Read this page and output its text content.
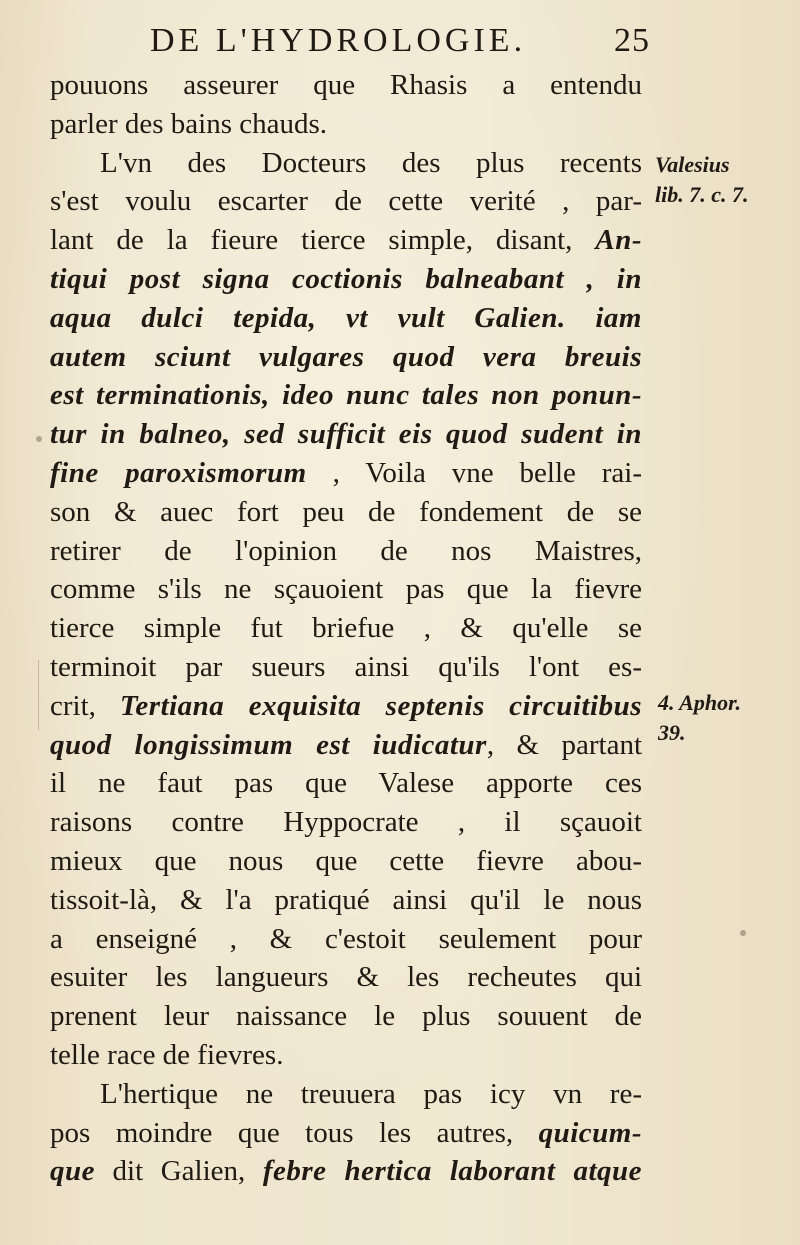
DE L'HYDROLOGIE.	25
pouuons asseurer que Rhasis a entendu
parler des bains chauds.
L'vn des Docteurs des plus recents
s'est voulu escarter de cette verité , par-
lant de la fieure tierce simple, disant, An-
tiqui post signa coctionis balneabant , in
aqua dulci tepida, vt vult Galien. iam
autem sciunt vulgares quod vera breuis
est terminationis, ideo nunc tales non ponun-
tur in balneo, sed sufficit eis quod sudent in
fine paroxismorum , Voila vne belle rai-
son & auec fort peu de fondement de se
retirer de l'opinion de nos Maistres,
comme s'ils ne sçauoient pas que la fievre
tierce simple fut briefue , & qu'elle se
terminoit par sueurs ainsi qu'ils l'ont es-
crit, Tertiana exquisita septenis circuitibus
quod longissimum est iudicatur, & partant
il ne faut pas que Valese apporte ces
raisons contre Hyppocrate , il sçauoit
mieux que nous que cette fievre abou-
tissoit-là, & l'a pratiqué ainsi qu'il le nous
a enseigné , & c'estoit seulement pour
esuiter les langueurs & les recheutes qui
prenent leur naissance le plus souuent de
telle race de fievres.
L'hertique ne treuuera pas icy vn re-
pos moindre que tous les autres, quicum-
que dit Galien, febre hertica laborant atque
Valesius
lib. 7. c. 7.
4. Aphor.
39.
